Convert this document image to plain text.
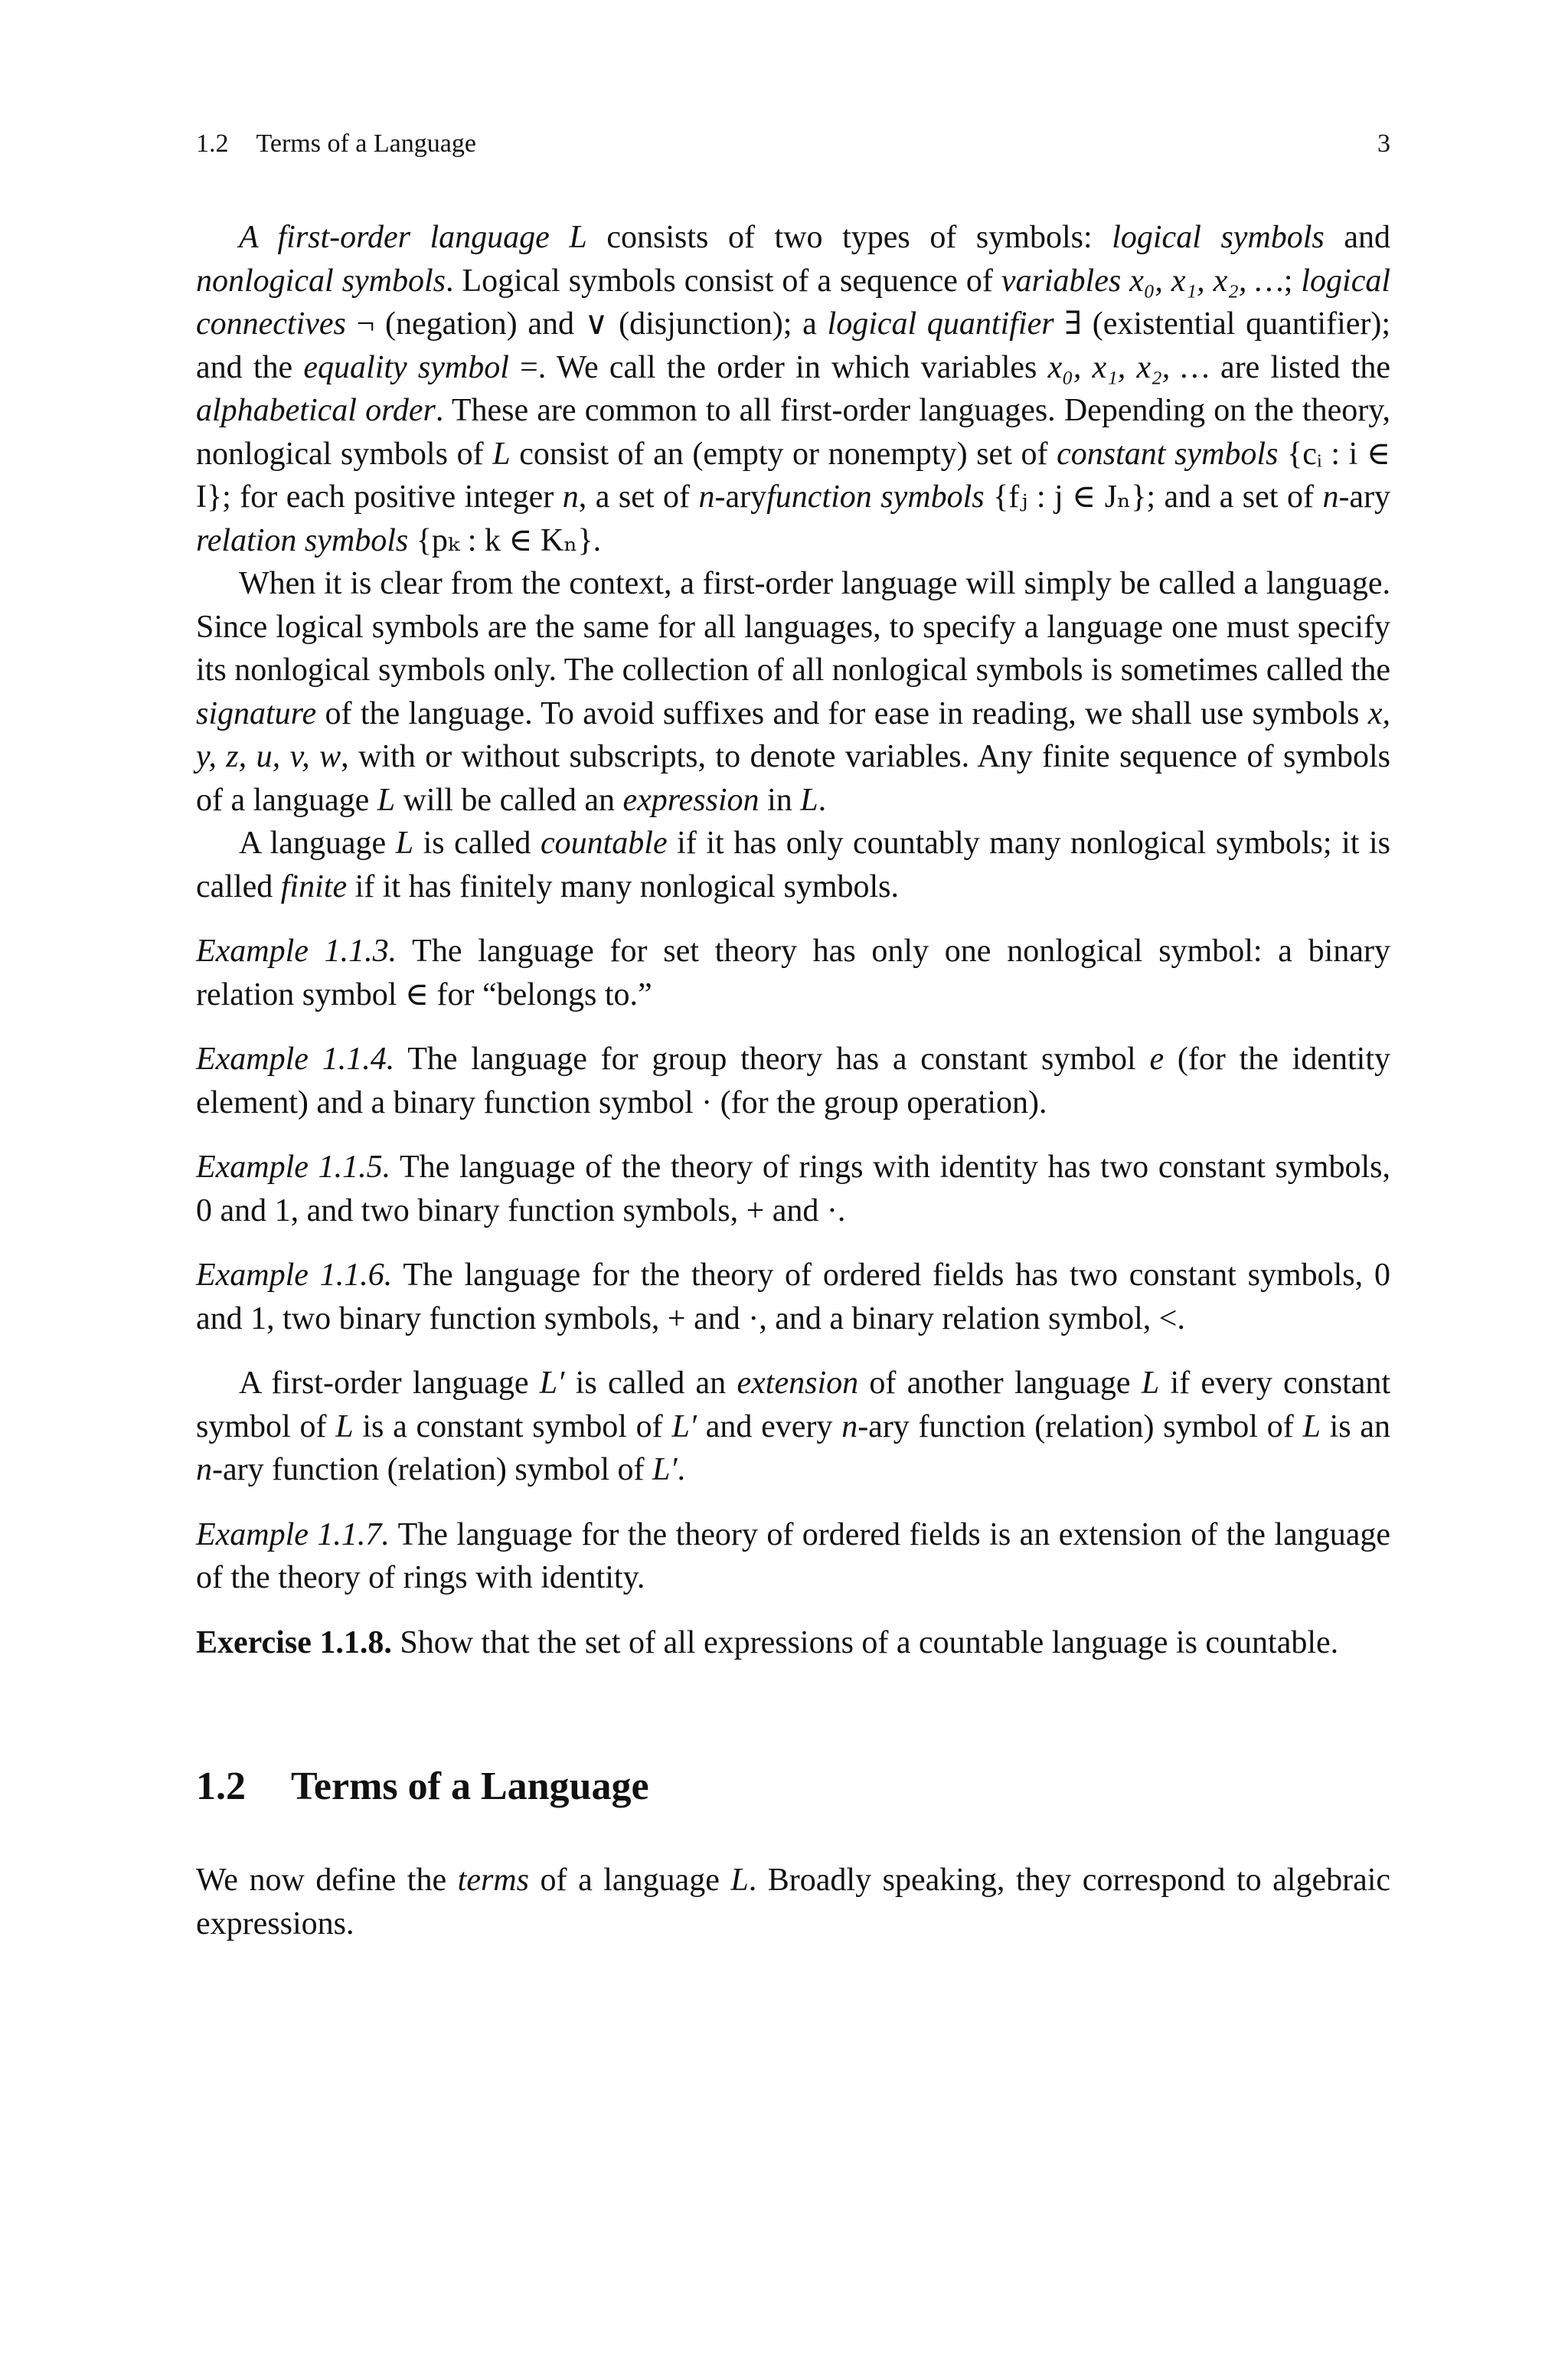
1.2 Terms of a Language	3

A first-order language L consists of two types of symbols: logical symbols and nonlogical symbols. Logical symbols consist of a sequence of variables x₀, x₁, x₂, …; logical connectives ¬ (negation) and ∨ (disjunction); a logical quantifier ∃ (existential quantifier); and the equality symbol =. We call the order in which variables x₀, x₁, x₂, … are listed the alphabetical order. These are common to all first-order languages. Depending on the theory, nonlogical symbols of L consist of an (empty or nonempty) set of constant symbols {cᵢ : i ∈ I}; for each positive integer n, a set of n-aryfunction symbols {fⱼ : j ∈ Jₙ}; and a set of n-ary relation symbols {pₖ : k ∈ Kₙ}.

When it is clear from the context, a first-order language will simply be called a language. Since logical symbols are the same for all languages, to specify a language one must specify its nonlogical symbols only. The collection of all nonlogical symbols is sometimes called the signature of the language. To avoid suffixes and for ease in reading, we shall use symbols x, y, z, u, v, w, with or without subscripts, to denote variables. Any finite sequence of symbols of a language L will be called an expression in L.

A language L is called countable if it has only countably many nonlogical symbols; it is called finite if it has finitely many nonlogical symbols.

Example 1.1.3. The language for set theory has only one nonlogical symbol: a binary relation symbol ∈ for “belongs to.”

Example 1.1.4. The language for group theory has a constant symbol e (for the identity element) and a binary function symbol · (for the group operation).

Example 1.1.5. The language of the theory of rings with identity has two constant symbols, 0 and 1, and two binary function symbols, + and ·.

Example 1.1.6. The language for the theory of ordered fields has two constant symbols, 0 and 1, two binary function symbols, + and ·, and a binary relation symbol, <.

A first-order language L′ is called an extension of another language L if every constant symbol of L is a constant symbol of L′ and every n-ary function (relation) symbol of L is an n-ary function (relation) symbol of L′.

Example 1.1.7. The language for the theory of ordered fields is an extension of the language of the theory of rings with identity.

Exercise 1.1.8. Show that the set of all expressions of a countable language is countable.

1.2 Terms of a Language

We now define the terms of a language L. Broadly speaking, they correspond to algebraic expressions.
